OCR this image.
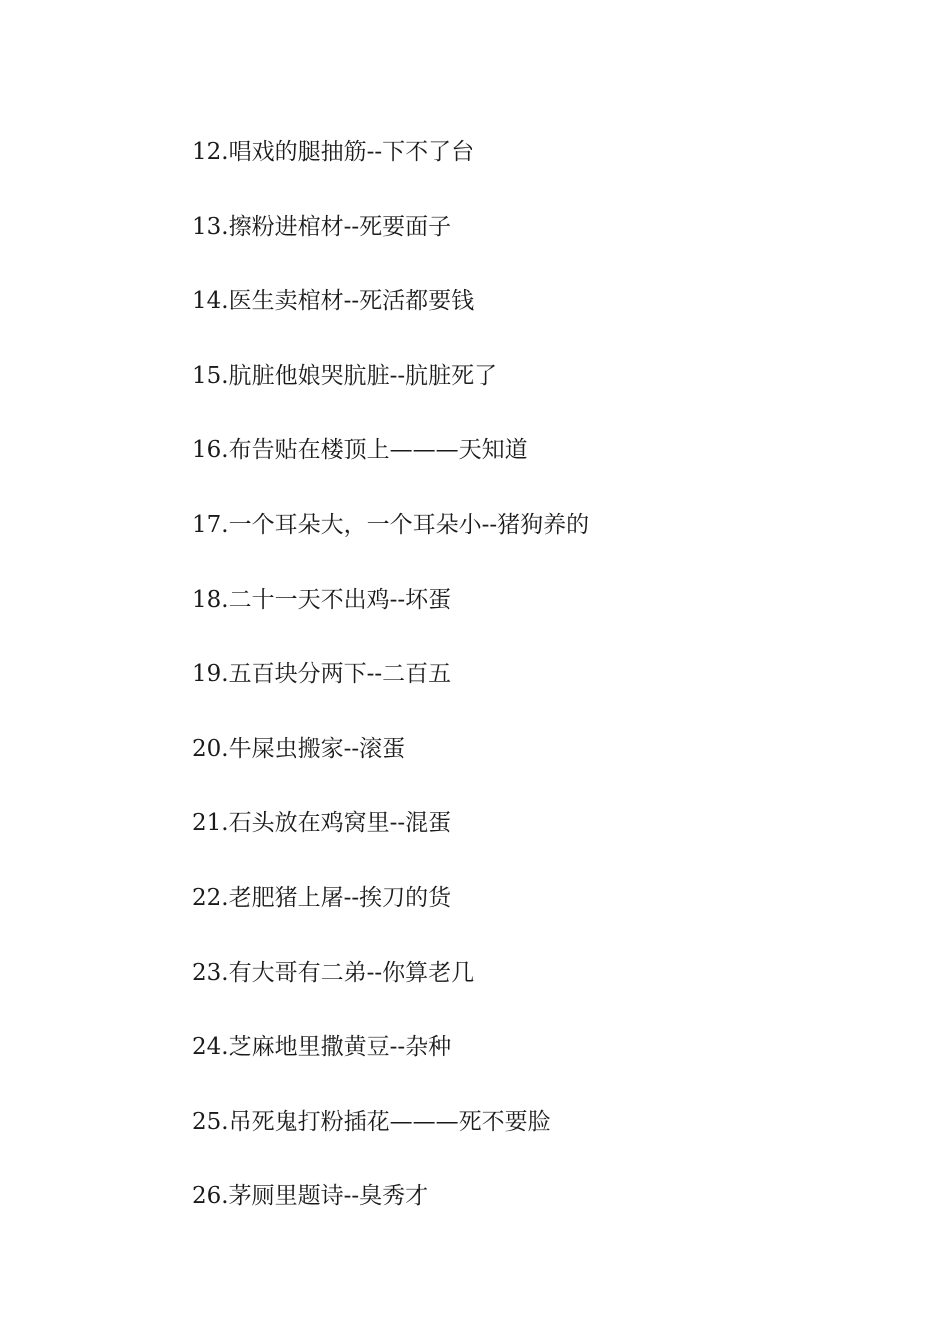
12.唱戏的腿抽筋--下不了台
13.擦粉进棺材--死要面子
14.医生卖棺材--死活都要钱
15.肮脏他娘哭肮脏--肮脏死了
16.布告贴在楼顶上———天知道
17.一个耳朵大，一个耳朵小--猪狗养的
18.二十一天不出鸡--坏蛋
19.五百块分两下--二百五
20.牛屎虫搬家--滚蛋
21.石头放在鸡窝里--混蛋
22.老肥猪上屠--挨刀的货
23.有大哥有二弟--你算老几
24.芝麻地里撒黄豆--杂种
25.吊死鬼打粉插花———死不要脸
26.茅厕里题诗--臭秀才
